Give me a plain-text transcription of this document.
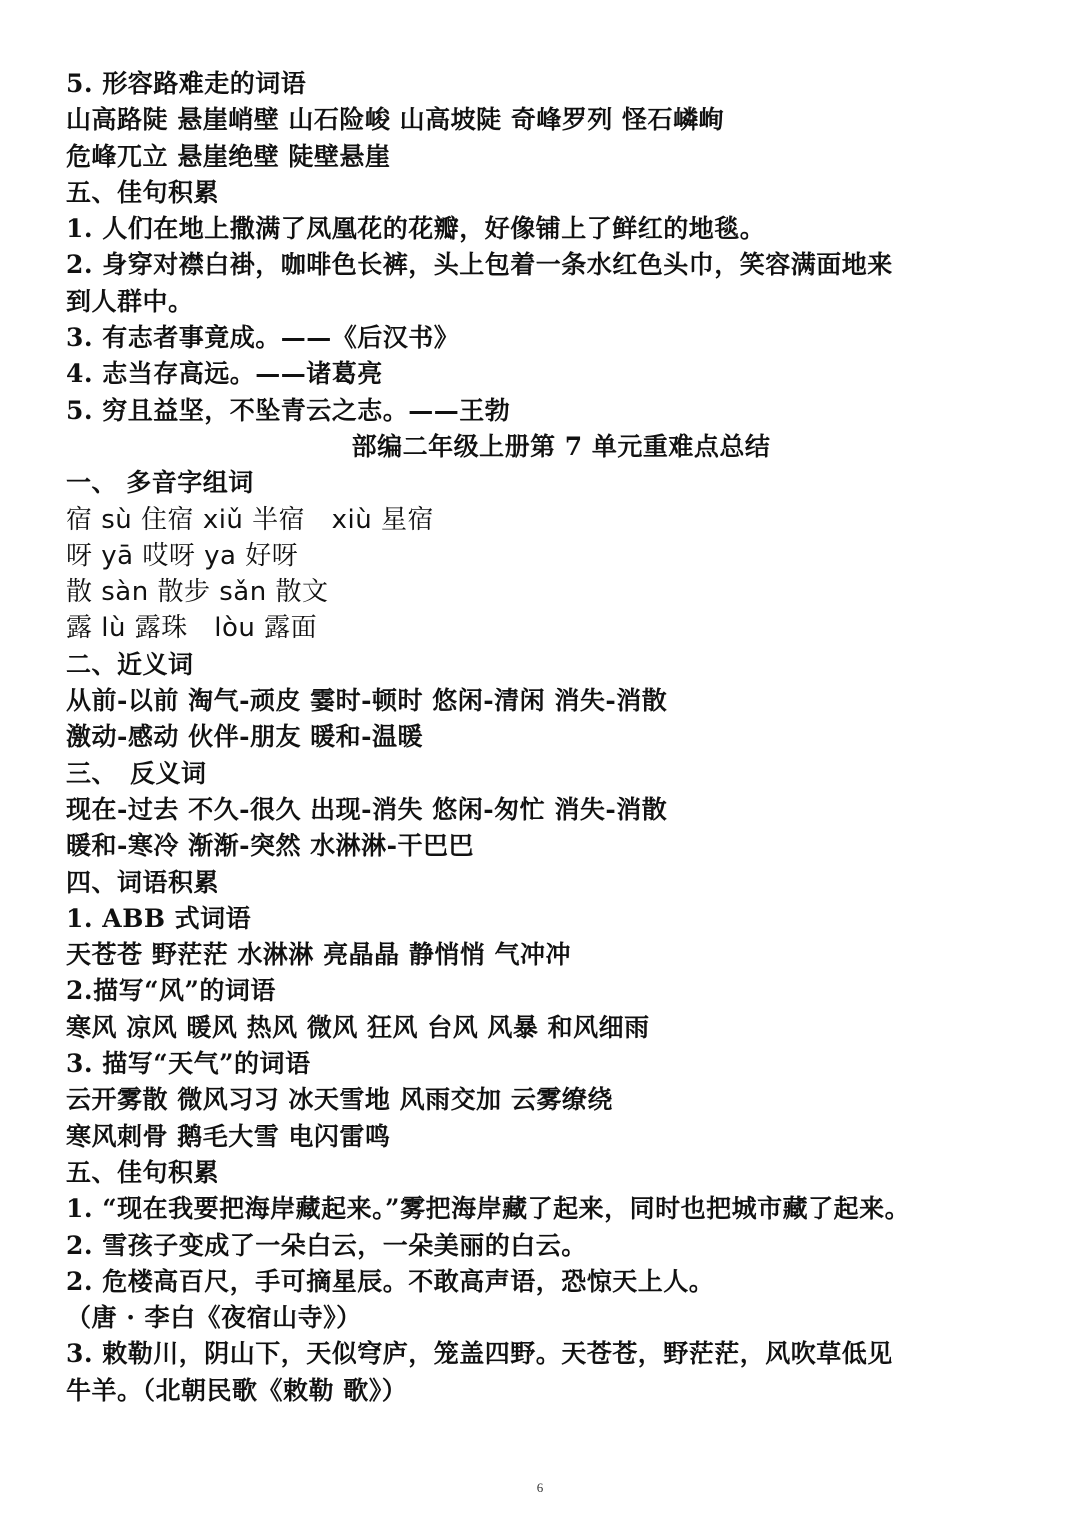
5. 形容路难走的词语
山高路陡 悬崖峭壁 山石险峻 山高坡陡 奇峰罗列 怪石嶙峋
危峰兀立 悬崖绝壁 陡壁悬崖
五、佳句积累
1. 人们在地上撒满了凤凰花的花瓣，好像铺上了鲜红的地毯。
2. 身穿对襟白褂，咖啡色长裤，头上包着一条水红色头巾，笑容满面地来
到人群中。
3. 有志者事竟成。——《后汉书》
4. 志当存高远。——诸葛亮
5. 穷且益坚，不坠青云之志。——王勃
部编二年级上册第 7 单元重难点总结
一、 多音字组词
宿 sù 住宿 xiǔ 半宿　xiù 星宿
呀 yā 哎呀 ya 好呀
散 sàn 散步 sǎn 散文
露 lù 露珠　lòu 露面
二、近义词
从前-以前 淘气-顽皮 霎时-顿时 悠闲-清闲 消失-消散
激动-感动 伙伴-朋友 暖和-温暖
三、　反义词
现在-过去 不久-很久 出现-消失 悠闲-匆忙 消失-消散
暖和-寒冷 渐渐-突然 水淋淋-干巴巴
四、词语积累
1. ABB 式词语
天苍苍 野茫茫 水淋淋 亮晶晶 静悄悄 气冲冲
2.描写“风”的词语
寒风 凉风 暖风 热风 微风 狂风 台风 风暴 和风细雨
3. 描写“天气”的词语
云开雾散 微风习习 冰天雪地 风雨交加 云雾缭绕
寒风刺骨 鹅毛大雪 电闪雷鸣
五、佳句积累
1. “现在我要把海岸藏起来。”雾把海岸藏了起来，同时也把城市藏了起来。
2. 雪孩子变成了一朵白云，一朵美丽的白云。
2. 危楼高百尺，手可摘星辰。不敢高声语，恐惊天上人。
（唐 · 李白《夜宿山寺》）
3. 敕勒川，阴山下，天似穹庐，笼盖四野。天苍苍，野茫茫，风吹草低见
牛羊。（北朝民歌《敕勒 歌》）
6
